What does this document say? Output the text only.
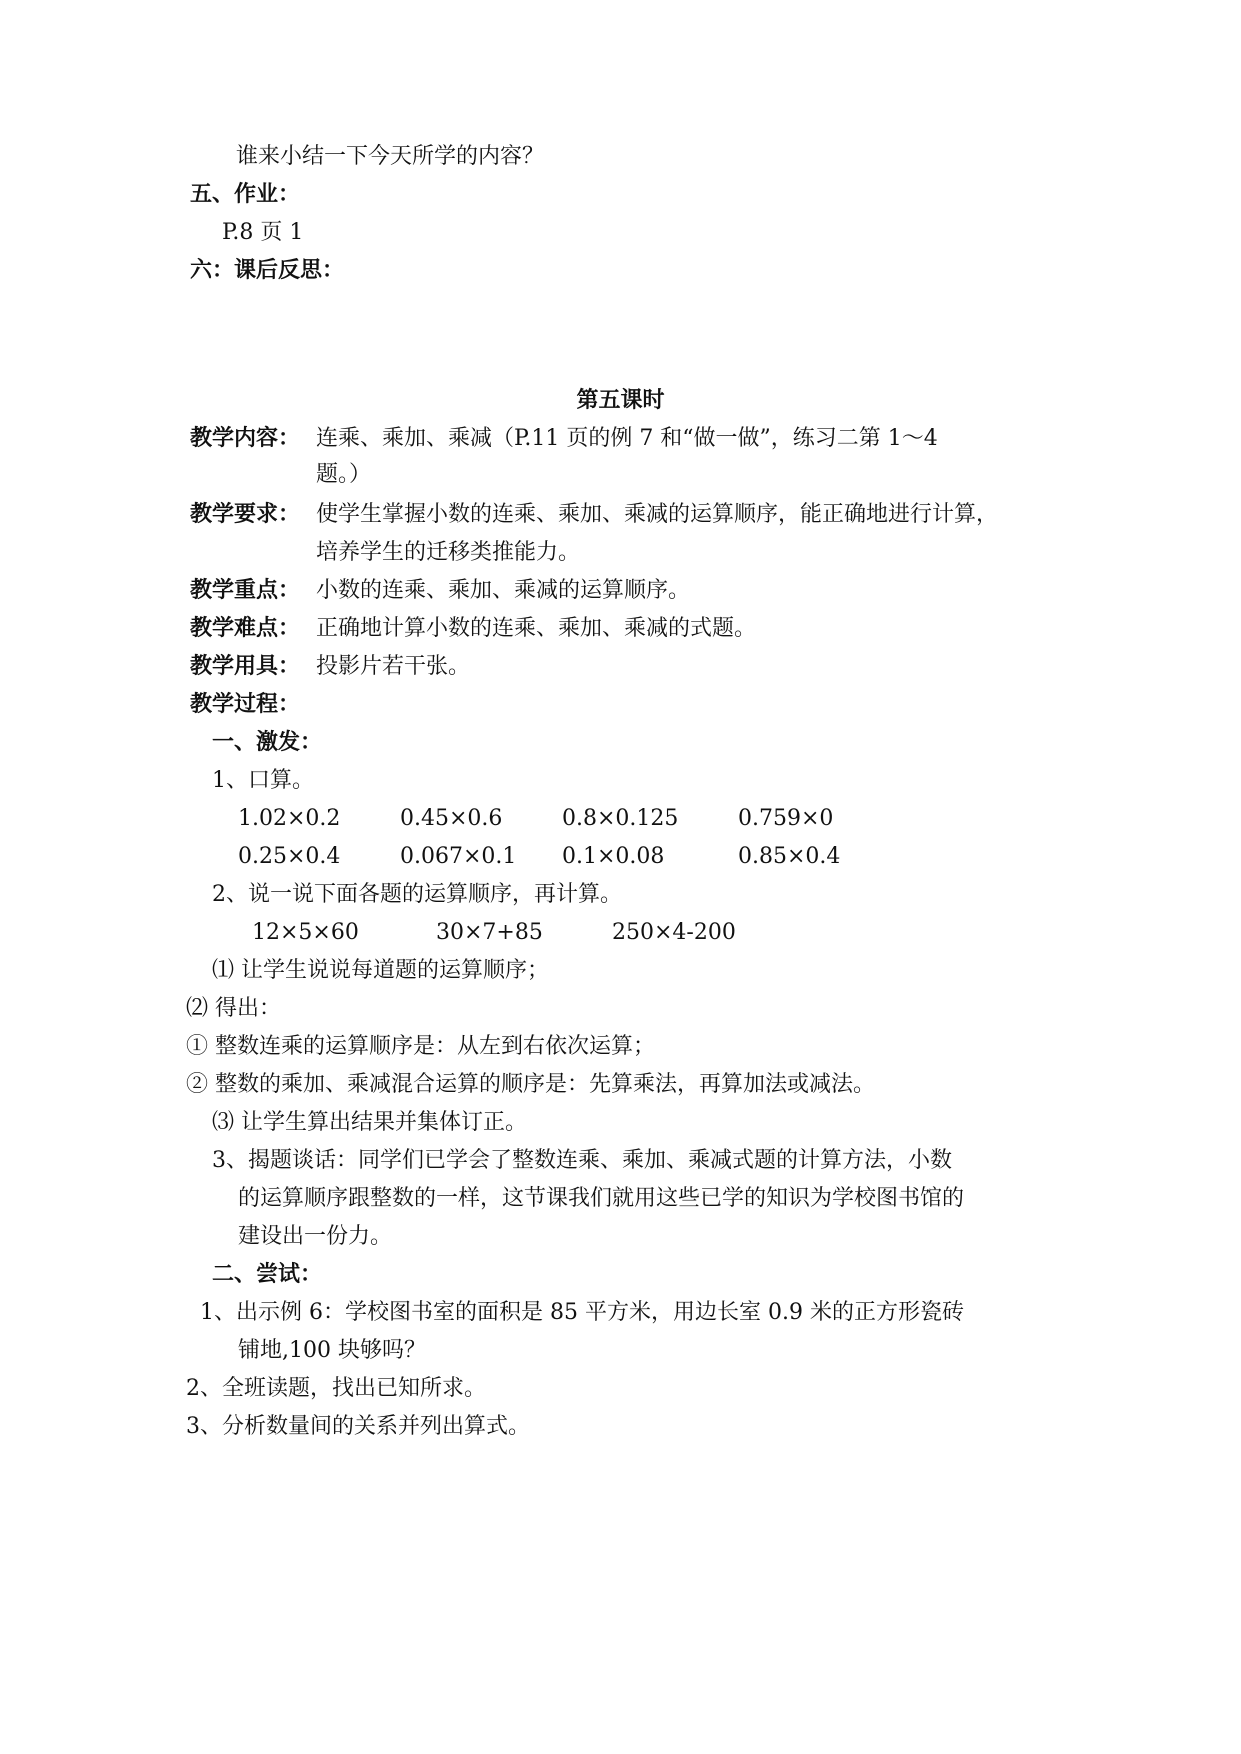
谁来小结一下今天所学的内容？
五、作业：
P.8 页 1
六：课后反思：
第五课时
教学内容： 连乘、乘加、乘减（P.11 页的例 7 和“做一做”，练习二第 1～4
题。）
教学要求： 使学生掌握小数的连乘、乘加、乘减的运算顺序，能正确地进行计算，
培养学生的迁移类推能力。
教学重点： 小数的连乘、乘加、乘减的运算顺序。
教学难点： 正确地计算小数的连乘、乘加、乘减的式题。
教学用具： 投影片若干张。
教学过程：
一、激发：
1、口算。
1.02×0.2	0.45×0.6	0.8×0.125	0.759×0
0.25×0.4	0.067×0.1 0.1×0.08	0.85×0.4
2、说一说下面各题的运算顺序，再计算。
12×5×60	30×7+85	250×4-200
⑴ 让学生说说每道题的运算顺序；
⑵ 得出：
① 整数连乘的运算顺序是：从左到右依次运算；
② 整数的乘加、乘减混合运算的顺序是：先算乘法，再算加法或减法。
⑶ 让学生算出结果并集体订正。
3、揭题谈话：同学们已学会了整数连乘、乘加、乘减式题的计算方法，小数
的运算顺序跟整数的一样，这节课我们就用这些已学的知识为学校图书馆的
建设出一份力。
二、尝试：
1、出示例 6：学校图书室的面积是 85 平方米，用边长室 0.9 米的正方形瓷砖
铺地,100 块够吗？
2、全班读题，找出已知所求。
3、分析数量间的关系并列出算式。
